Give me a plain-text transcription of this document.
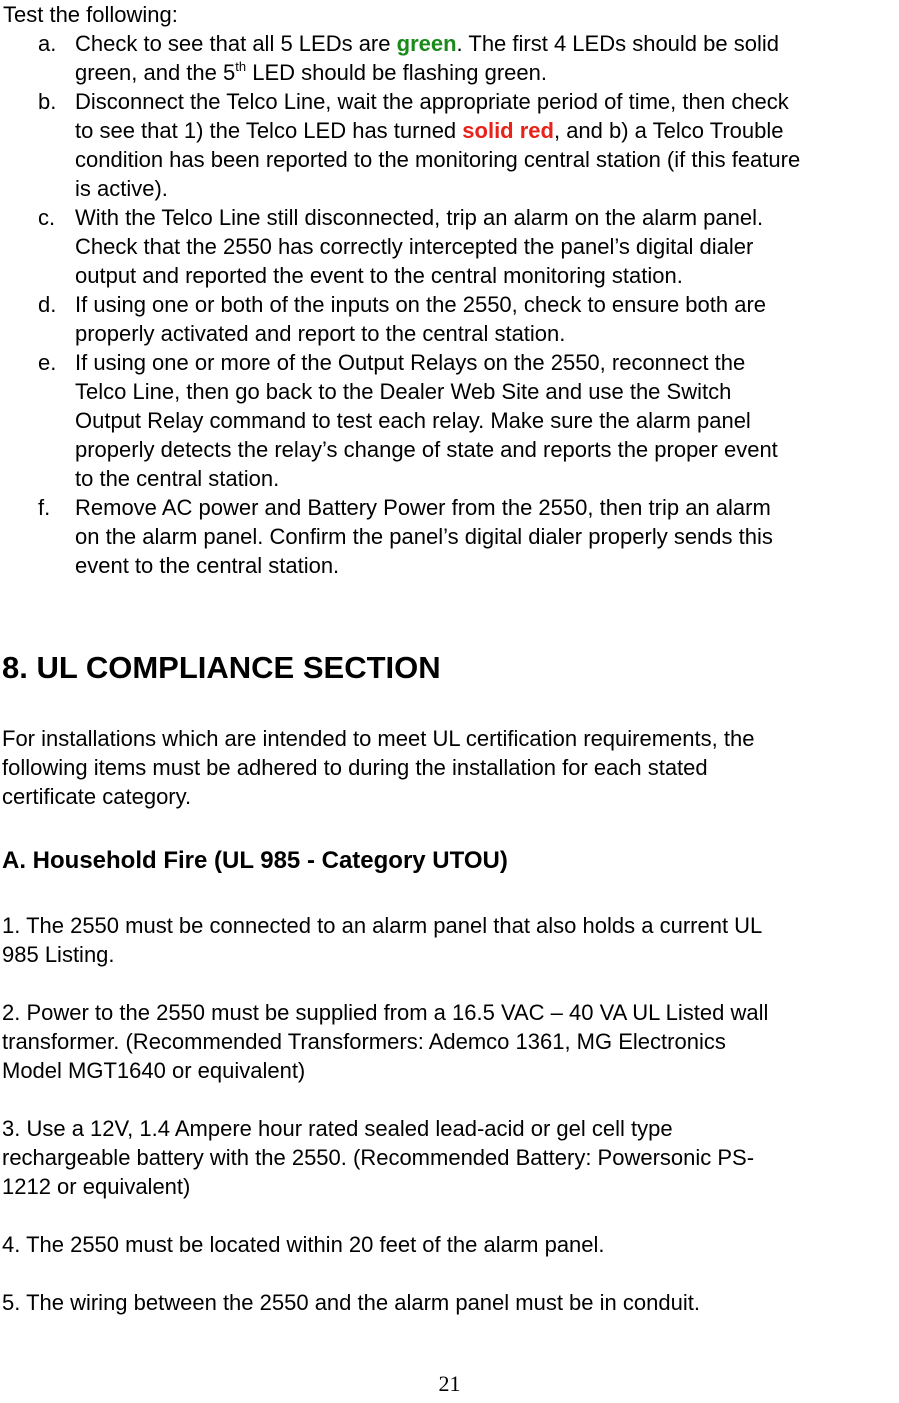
Test the following:
a. Check to see that all 5 LEDs are green. The first 4 LEDs should be solid
green, and the 5th LED should be flashing green.
b. Disconnect the Telco Line, wait the appropriate period of time, then check
to see that 1) the Telco LED has turned solid red, and b) a Telco Trouble
condition has been reported to the monitoring central station (if this feature
is active).
c. With the Telco Line still disconnected, trip an alarm on the alarm panel.
Check that the 2550 has correctly intercepted the panel’s digital dialer
output and reported the event to the central monitoring station.
d. If using one or both of the inputs on the 2550, check to ensure both are
properly activated and report to the central station.
e. If using one or more of the Output Relays on the 2550, reconnect the
Telco Line, then go back to the Dealer Web Site and use the Switch
Output Relay command to test each relay. Make sure the alarm panel
properly detects the relay’s change of state and reports the proper event
to the central station.
f. Remove AC power and Battery Power from the 2550, then trip an alarm
on the alarm panel. Confirm the panel’s digital dialer properly sends this
event to the central station.
8. UL COMPLIANCE SECTION
For installations which are intended to meet UL certification requirements, the
following items must be adhered to during the installation for each stated
certificate category.
A. Household Fire (UL 985 - Category UTOU)
1. The 2550 must be connected to an alarm panel that also holds a current UL
985 Listing.
2. Power to the 2550 must be supplied from a 16.5 VAC – 40 VA UL Listed wall
transformer. (Recommended Transformers: Ademco 1361, MG Electronics
Model MGT1640 or equivalent)
3. Use a 12V, 1.4 Ampere hour rated sealed lead-acid or gel cell type
rechargeable battery with the 2550. (Recommended Battery: Powersonic PS-
1212 or equivalent)
4. The 2550 must be located within 20 feet of the alarm panel.
5. The wiring between the 2550 and the alarm panel must be in conduit.
21
